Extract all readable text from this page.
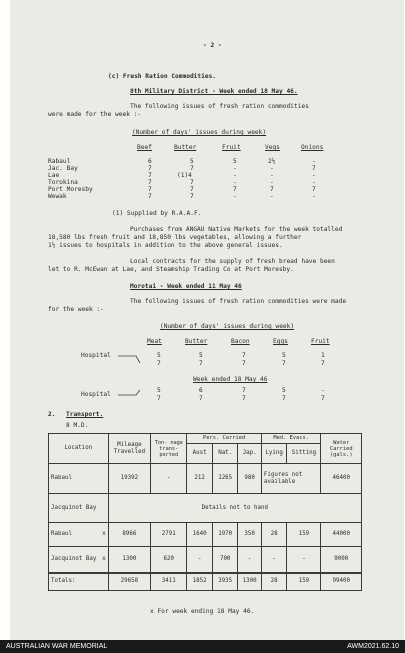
- 2 -
(c) Fresh Ration Commodities.
8th Military District - Week ended 18 May 46.
The following issues of fresh ration commodities
were made for the week :-
(Number of days' issues during week)
Beef	Butter	Fruit	Vegs	Onions
Rabaul	6	5	5	2½	-
Jac. Bay	7	7	-	-	7
Lae	7	(1)4	-	-	-
Torokina	7	7	-	-	-
Port Moresby	7	7	7	7	7
Wewak	7	7	-	-	-
(1) Supplied by R.A.A.F.
Purchases from ANGAU Native Markets for the week totalled
18,580 lbs fresh fruit and 18,850 lbs vegetables, allowing a further
1½ issues to hospitals in addition to the above general issues.
Local contracts for the supply of fresh bread have been
let to R. McEwan at Lae, and Steamship Trading Co at Port Moresby.
Morotai - Week ended 11 May 46
The following issues of fresh ration commodities were made
for the week :-
(Number of days' issues during week)
Meat	Butter	Bacon	Eggs	Fruit
Hospital	5	5	7	5	1
7	7	7	7	7
Week ended 18 May 46
Hospital
5	6	7	5	-
7	7	7	7	7
2. Transport.
8 M.D.
Location	Mileage Travelled	Ton- nage trans- ported	Pers. Carried			Med. Evacs.		Water Carried (gals.)
			Aust	Nat.	Jap.	Lying	Sitting	
Rabaul	19392	-	212	1265	980	Figures not available		46400
Jacquinot Bay	Details not to hand							
Rabaul x	8966	2791	1640	1970	350	28	159	44000
Jacquinot Bay x	1300	620	-	700	-	-	-	9000
Totals:	29658	3411	1852	3935	1300	28	159	99400
x For week ending 18 May 46.
AUSTRALIAN WAR MEMORIAL	AWM2021.62.10
